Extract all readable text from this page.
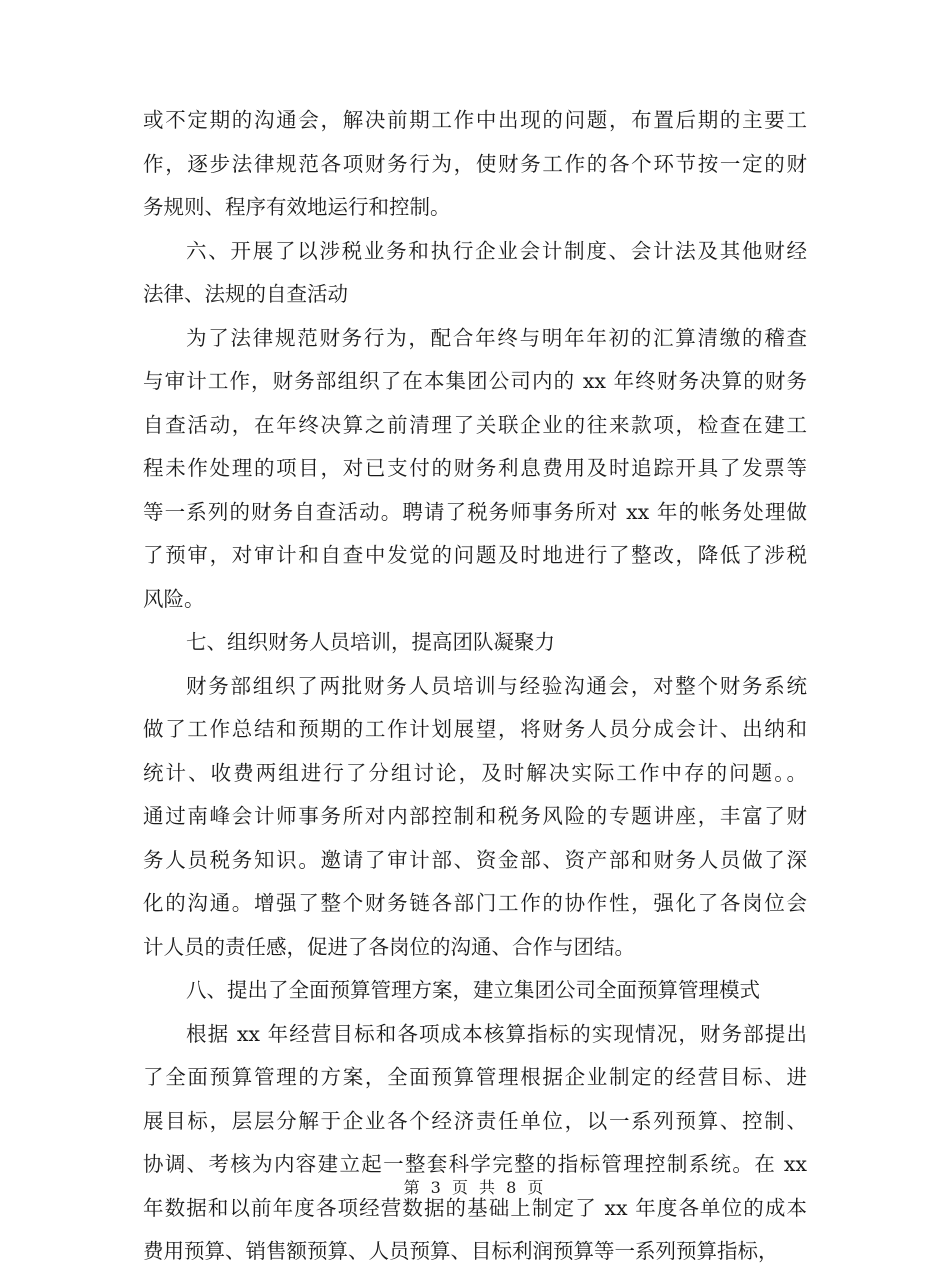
或不定期的沟通会，解决前期工作中出现的问题，布置后期的主要工
作，逐步法律规范各项财务行为，使财务工作的各个环节按一定的财
务规则、程序有效地运行和控制。
六、开展了以涉税业务和执行企业会计制度、会计法及其他财经
法律、法规的自查活动
为了法律规范财务行为，配合年终与明年年初的汇算清缴的稽查
与审计工作，财务部组织了在本集团公司内的 xx 年终财务决算的财务
自查活动，在年终决算之前清理了关联企业的往来款项，检查在建工
程未作处理的项目，对已支付的财务利息费用及时追踪开具了发票等
等一系列的财务自查活动。聘请了税务师事务所对 xx 年的帐务处理做
了预审，对审计和自查中发觉的问题及时地进行了整改，降低了涉税
风险。
七、组织财务人员培训，提高团队凝聚力
财务部组织了两批财务人员培训与经验沟通会，对整个财务系统
做了工作总结和预期的工作计划展望，将财务人员分成会计、出纳和
统计、收费两组进行了分组讨论，及时解决实际工作中存的问题。。
通过南峰会计师事务所对内部控制和税务风险的专题讲座，丰富了财
务人员税务知识。邀请了审计部、资金部、资产部和财务人员做了深
化的沟通。增强了整个财务链各部门工作的协作性，强化了各岗位会
计人员的责任感，促进了各岗位的沟通、合作与团结。
八、提出了全面预算管理方案，建立集团公司全面预算管理模式
根据 xx 年经营目标和各项成本核算指标的实现情况，财务部提出
了全面预算管理的方案，全面预算管理根据企业制定的经营目标、进
展目标，层层分解于企业各个经济责任单位，以一系列预算、控制、
协调、考核为内容建立起一整套科学完整的指标管理控制系统。在 xx
年数据和以前年度各项经营数据的基础上制定了 xx 年度各单位的成本
费用预算、销售额预算、人员预算、目标利润预算等一系列预算指标，
第 3 页 共 8 页
